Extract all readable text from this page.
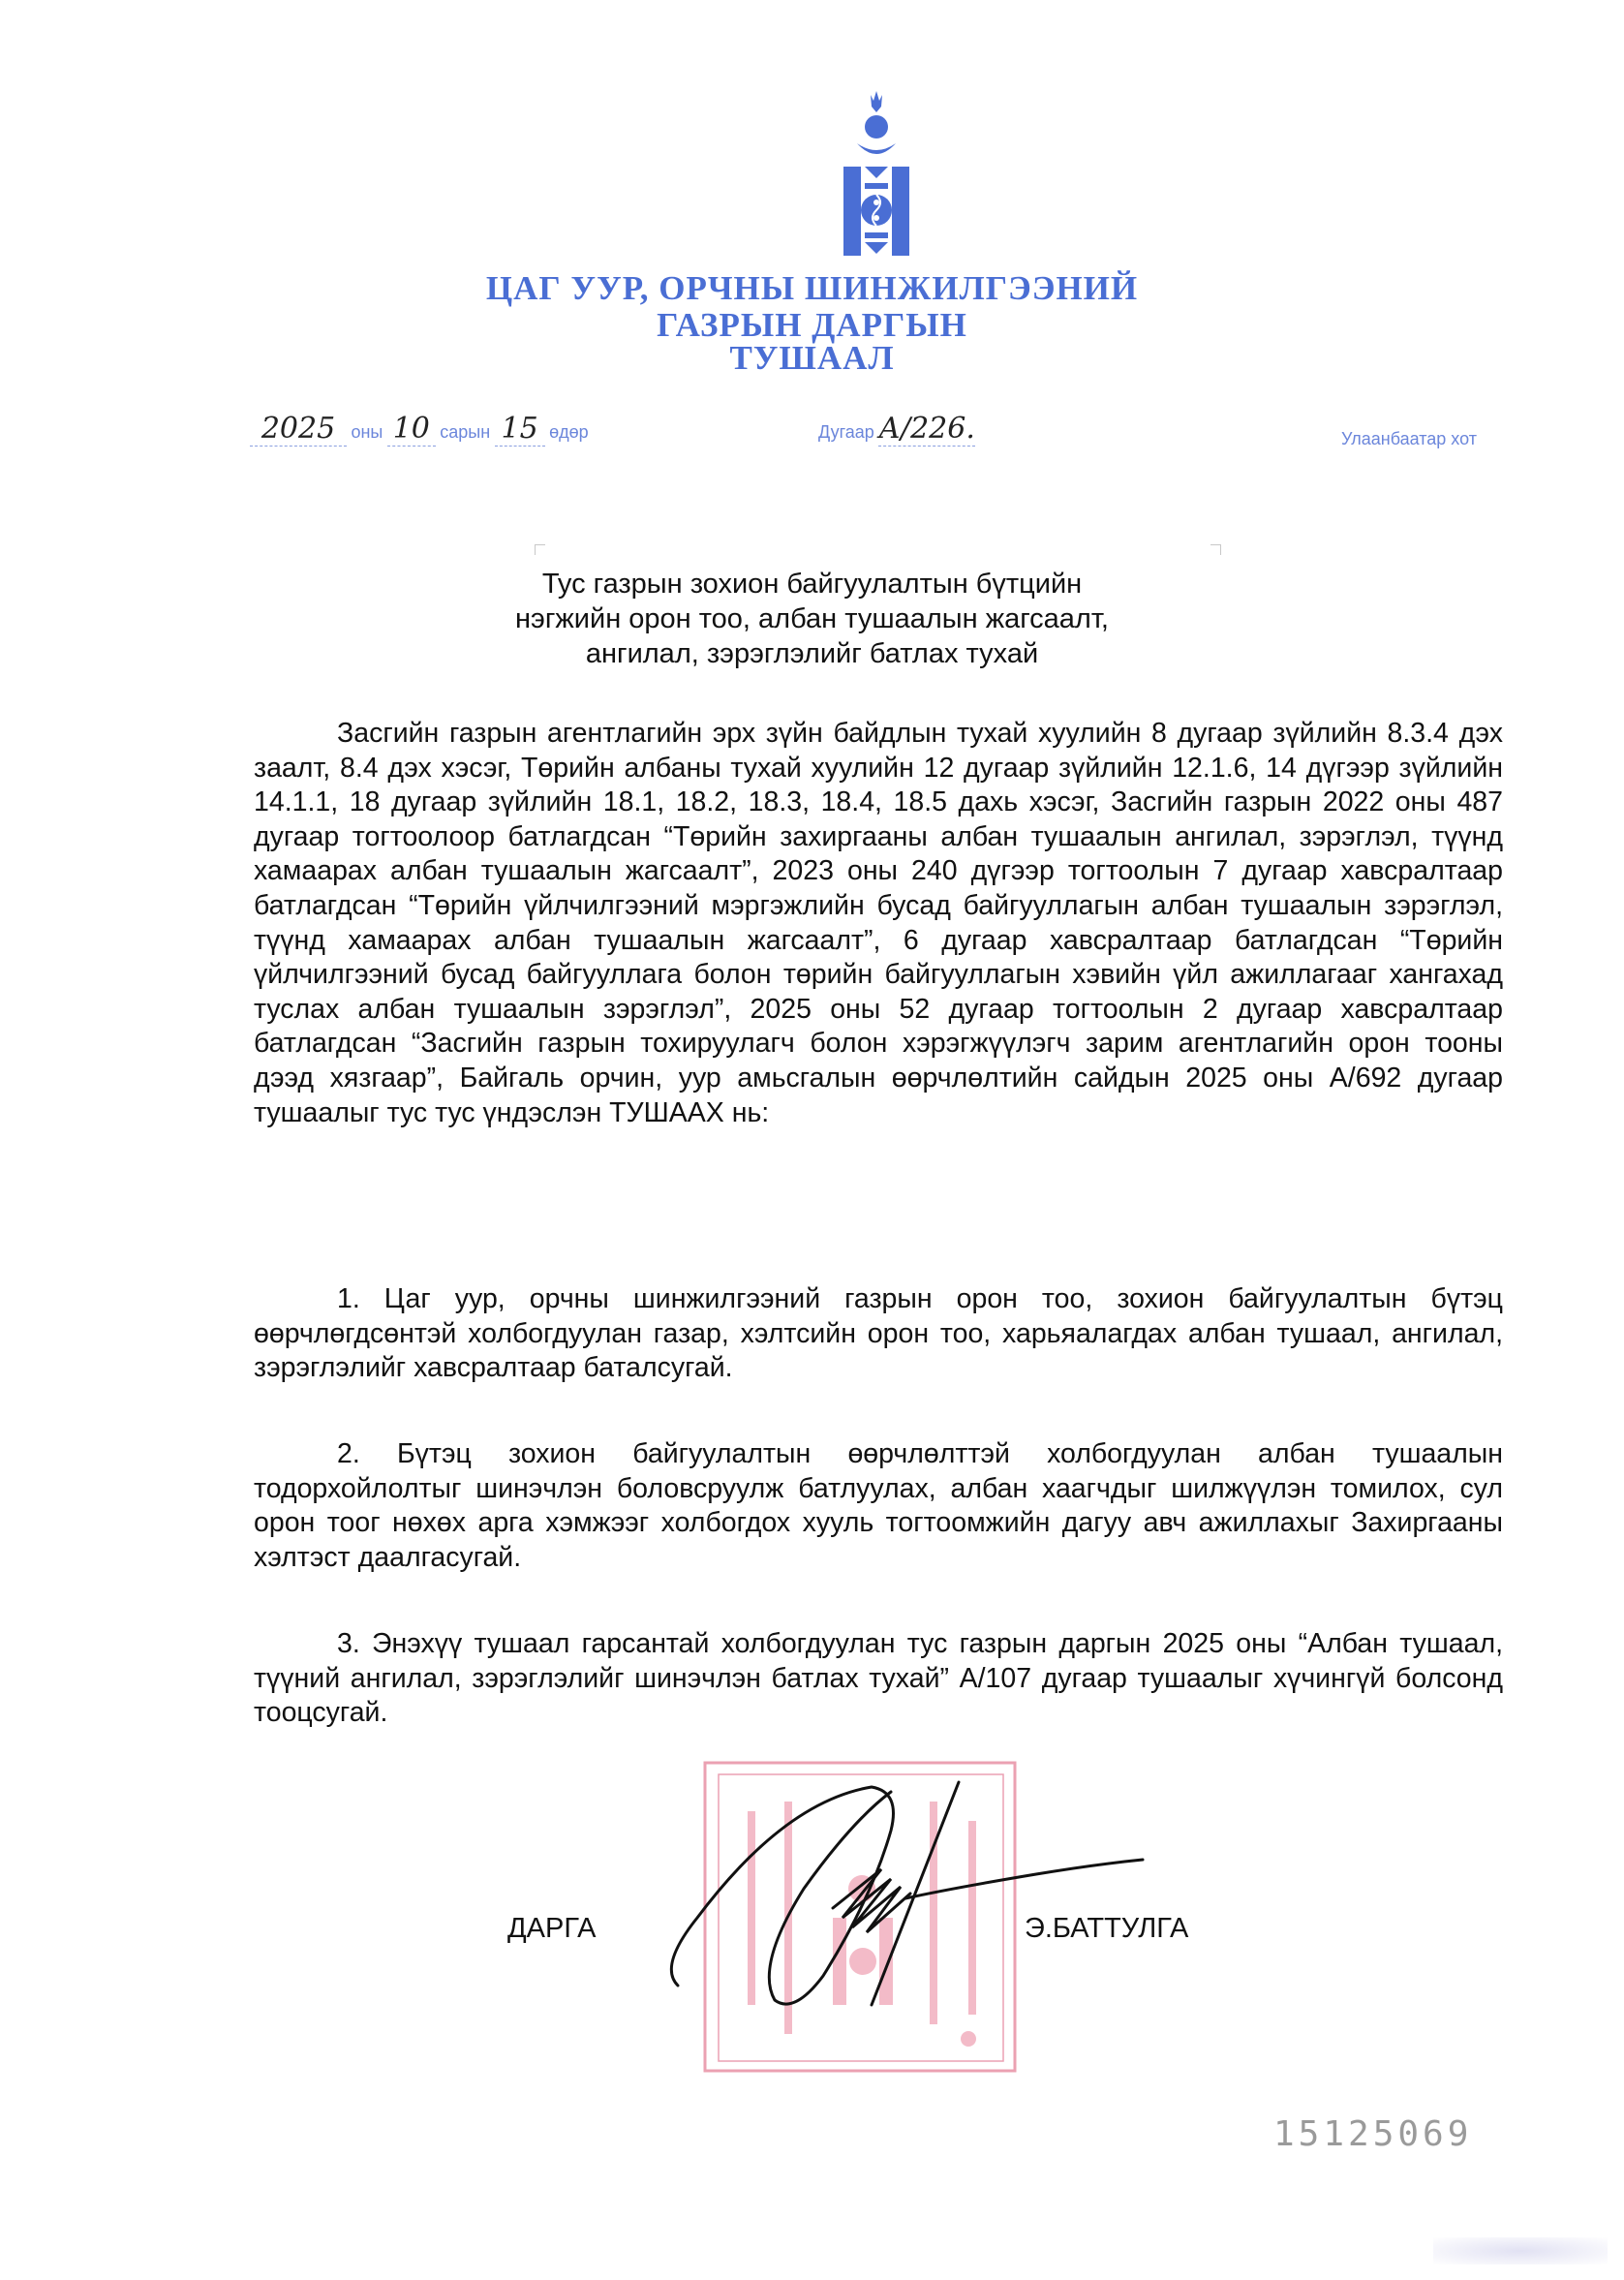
ЦАГ УУР, ОРЧНЫ ШИНЖИЛГЭЭНИЙ
ГАЗРЫН ДАРГЫН
ТУШААЛ
2025 оны 10 сарын 15 өдөр	Дугаар А/226.	Улаанбаатар хот
Тус газрын зохион байгуулалтын бүтцийн
нэгжийн орон тоо, албан тушаалын жагсаалт,
ангилал, зэрэглэлийг батлах тухай

Засгийн газрын агентлагийн эрх зүйн байдлын тухай хуулийн 8 дугаар зүйлийн 8.3.4 дэх заалт, 8.4 дэх хэсэг, Төрийн албаны тухай хуулийн 12 дугаар зүйлийн 12.1.6, 14 дүгээр зүйлийн 14.1.1, 18 дугаар зүйлийн 18.1, 18.2, 18.3, 18.4, 18.5 дахь хэсэг, Засгийн газрын 2022 оны 487 дугаар тогтоолоор батлагдсан “Төрийн захиргааны албан тушаалын ангилал, зэрэглэл, түүнд хамаарах албан тушаалын жагсаалт”, 2023 оны 240 дүгээр тогтоолын 7 дугаар хавсралтаар батлагдсан “Төрийн үйлчилгээний мэргэжлийн бусад байгууллагын албан тушаалын зэрэглэл, түүнд хамаарах албан тушаалын жагсаалт”, 6 дугаар хавсралтаар батлагдсан “Төрийн үйлчилгээний бусад байгууллага болон төрийн байгууллагын хэвийн үйл ажиллагааг хангахад туслах албан тушаалын зэрэглэл”, 2025 оны 52 дугаар тогтоолын 2 дугаар хавсралтаар батлагдсан “Засгийн газрын тохируулагч болон хэрэгжүүлэгч зарим агентлагийн орон тооны дээд хязгаар”, Байгаль орчин, уур амьсгалын өөрчлөлтийн сайдын 2025 оны А/692 дугаар тушаалыг тус тус үндэслэн ТУШААХ нь:

1. Цаг уур, орчны шинжилгээний газрын орон тоо, зохион байгуулалтын бүтэц өөрчлөгдсөнтэй холбогдуулан газар, хэлтсийн орон тоо, харьяалагдах албан тушаал, ангилал, зэрэглэлийг хавсралтаар баталсугай.

2. Бүтэц зохион байгуулалтын өөрчлөлттэй холбогдуулан албан тушаалын тодорхойлолтыг шинэчлэн боловсруулж батлуулах, албан хаагчдыг шилжүүлэн томилох, сул орон тоог нөхөх арга хэмжээг холбогдох хууль тогтоомжийн дагуу авч ажиллахыг Захиргааны хэлтэст даалгасугай.

3. Энэхүү тушаал гарсантай холбогдуулан тус газрын даргын 2025 оны “Албан тушаал, түүний ангилал, зэрэглэлийг шинэчлэн батлах тухай” А/107 дугаар тушаалыг хүчингүй болсонд тооцсугай.

ДАРГА	Э.БАТТУЛГА
15125069
